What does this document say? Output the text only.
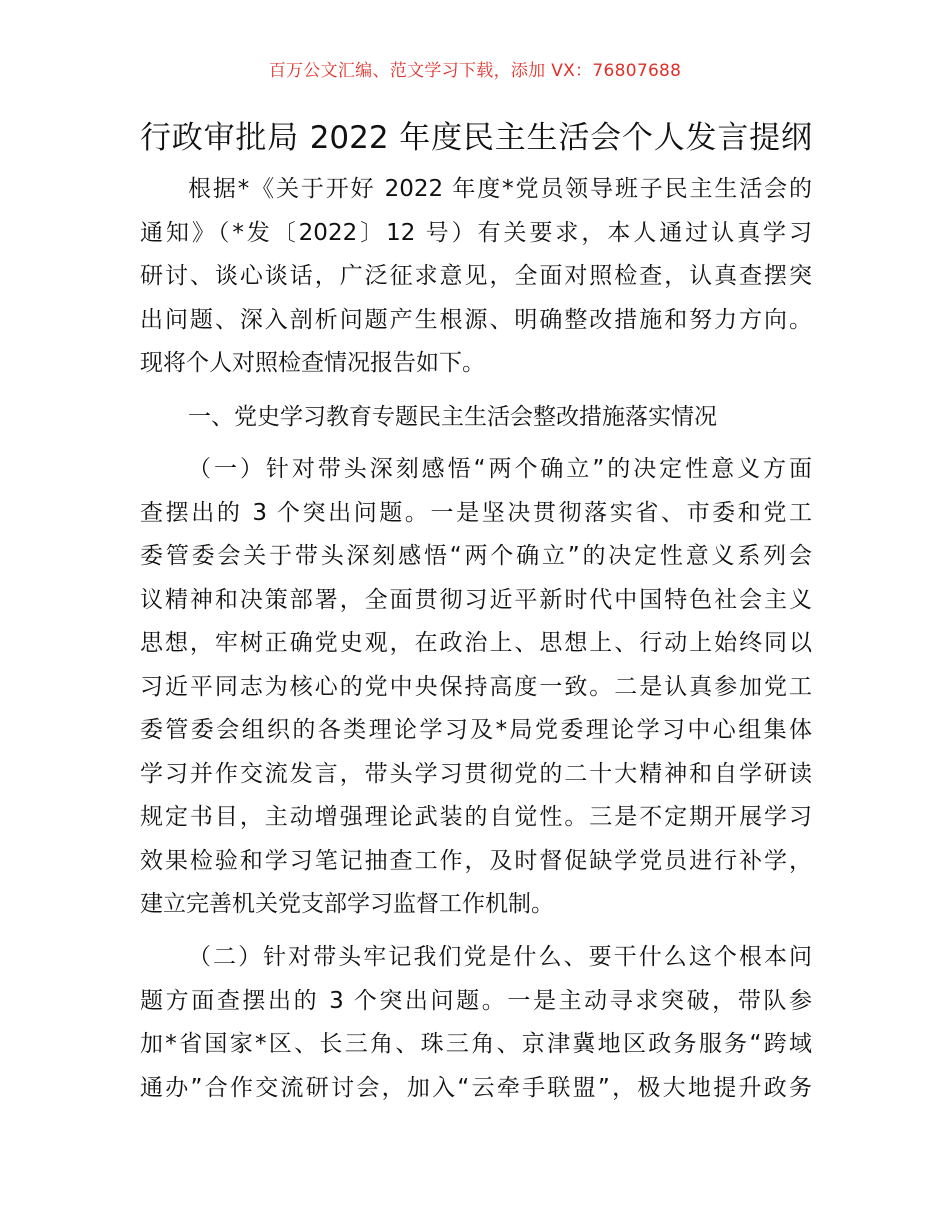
百万公文汇编、范文学习下载，添加 VX：76807688
行政审批局 2022 年度民主生活会个人发言提纲
根据*《关于开好 2022 年度*党员领导班子民主生活会的
通知》（*发〔2022〕12 号）有关要求，本人通过认真学习
研讨、谈心谈话，广泛征求意见，全面对照检查，认真查摆突
出问题、深入剖析问题产生根源、明确整改措施和努力方向。
现将个人对照检查情况报告如下。
一、党史学习教育专题民主生活会整改措施落实情况
（一）针对带头深刻感悟“两个确立”的决定性意义方面
查摆出的 3 个突出问题。一是坚决贯彻落实省、市委和党工
委管委会关于带头深刻感悟“两个确立”的决定性意义系列会
议精神和决策部署，全面贯彻习近平新时代中国特色社会主义
思想，牢树正确党史观，在政治上、思想上、行动上始终同以
习近平同志为核心的党中央保持高度一致。二是认真参加党工
委管委会组织的各类理论学习及*局党委理论学习中心组集体
学习并作交流发言，带头学习贯彻党的二十大精神和自学研读
规定书目，主动增强理论武装的自觉性。三是不定期开展学习
效果检验和学习笔记抽查工作，及时督促缺学党员进行补学，
建立完善机关党支部学习监督工作机制。
（二）针对带头牢记我们党是什么、要干什么这个根本问
题方面查摆出的 3 个突出问题。一是主动寻求突破，带队参
加*省国家*区、长三角、珠三角、京津冀地区政务服务“跨域
通办”合作交流研讨会，加入“云牵手联盟”，极大地提升政务
